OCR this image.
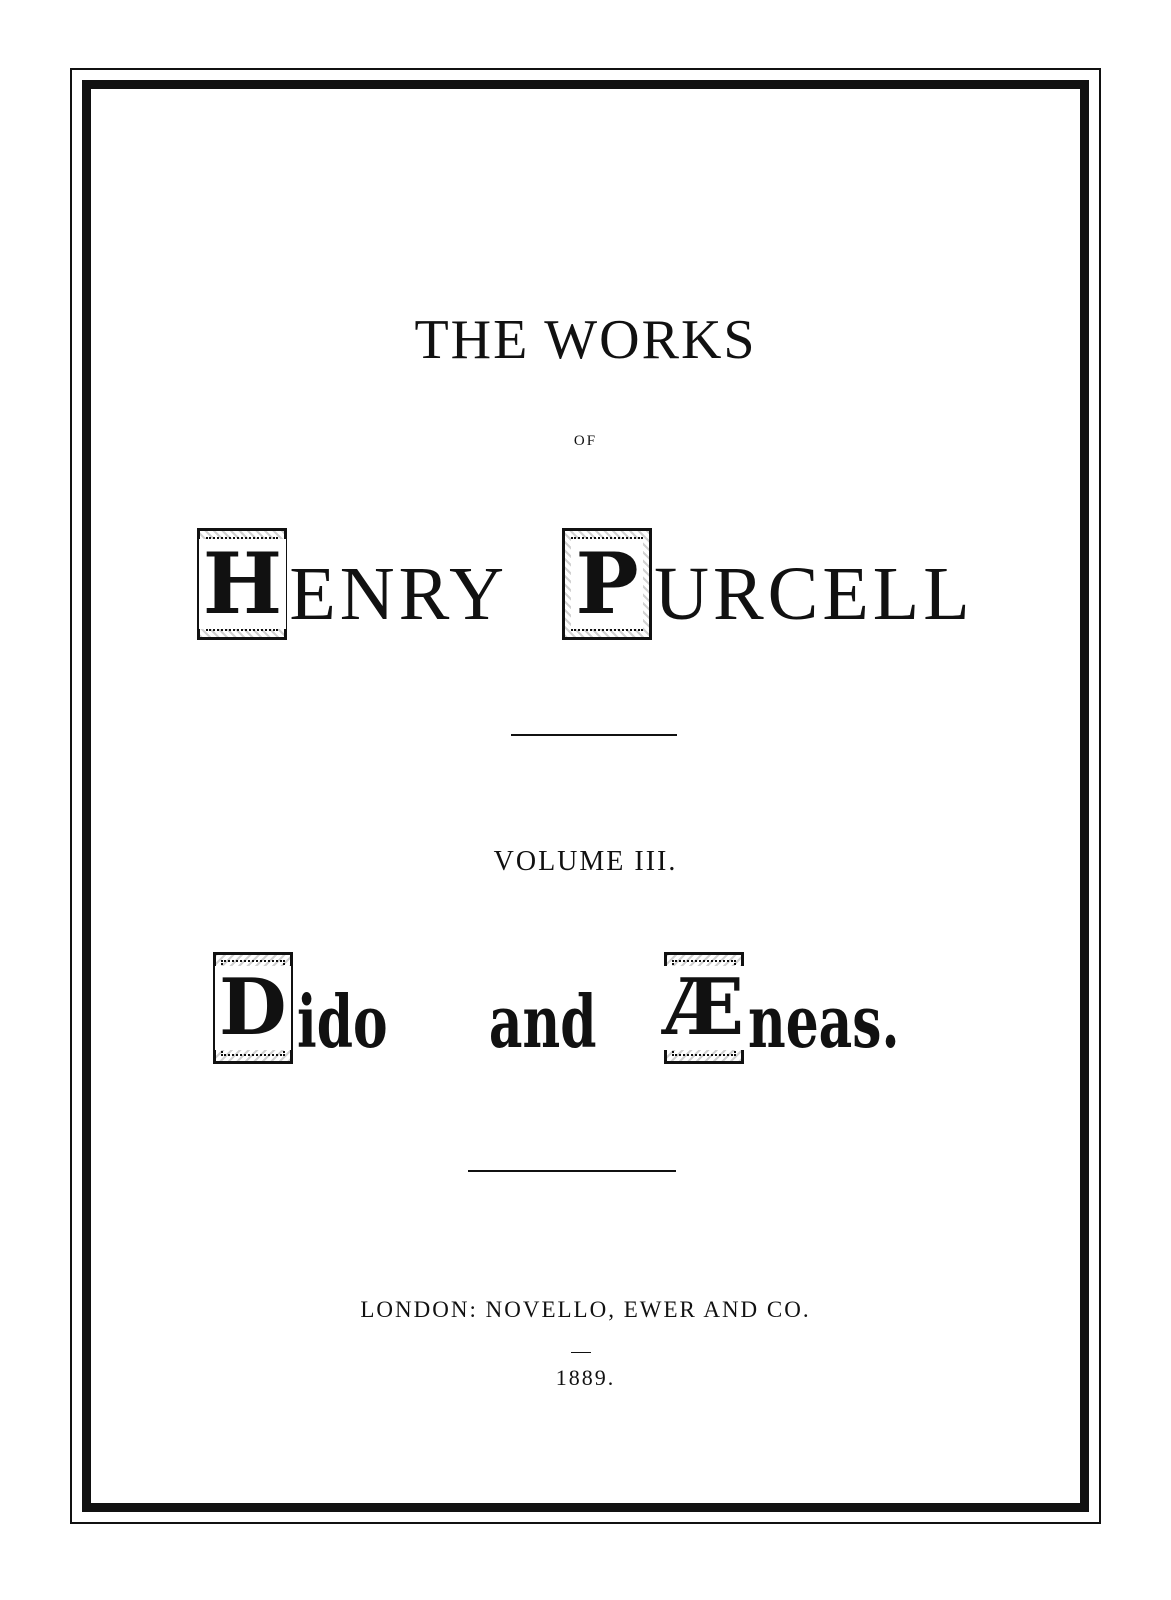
THE WORKS
OF
H ENRY P URCELL
VOLUME III.
D ido and Æ neas.
LONDON: NOVELLO, EWER AND CO.
1889.
